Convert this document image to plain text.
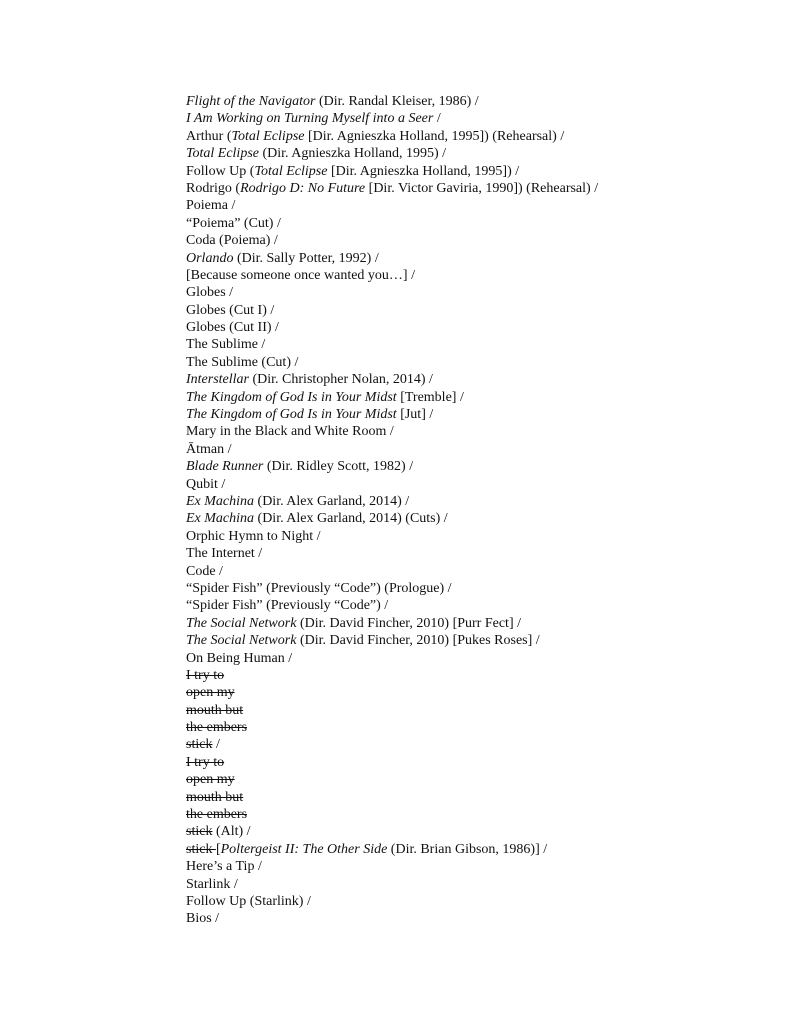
Flight of the Navigator (Dir. Randal Kleiser, 1986) /
I Am Working on Turning Myself into a Seer /
Arthur (Total Eclipse [Dir. Agnieszka Holland, 1995]) (Rehearsal) /
Total Eclipse (Dir. Agnieszka Holland, 1995) /
Follow Up (Total Eclipse [Dir. Agnieszka Holland, 1995]) /
Rodrigo (Rodrigo D: No Future [Dir. Victor Gaviria, 1990]) (Rehearsal) /
Poiema /
“Poiema” (Cut) /
Coda (Poiema) /
Orlando (Dir. Sally Potter, 1992) /
[Because someone once wanted you…] /
Globes /
Globes (Cut I) /
Globes (Cut II) /
The Sublime /
The Sublime (Cut) /
Interstellar (Dir. Christopher Nolan, 2014) /
The Kingdom of God Is in Your Midst [Tremble] /
The Kingdom of God Is in Your Midst [Jut] /
Mary in the Black and White Room /
Ātman /
Blade Runner (Dir. Ridley Scott, 1982) /
Qubit /
Ex Machina (Dir. Alex Garland, 2014) /
Ex Machina (Dir. Alex Garland, 2014) (Cuts) /
Orphic Hymn to Night /
The Internet /
Code /
“Spider Fish” (Previously “Code”) (Prologue) /
“Spider Fish” (Previously “Code”) /
The Social Network (Dir. David Fincher, 2010) [Purr Fect] /
The Social Network (Dir. David Fincher, 2010) [Pukes Roses] /
On Being Human /
I try to
open my
mouth but
the embers
stick /
I try to
open my
mouth but
the embers
stick (Alt) /
stick [Poltergeist II: The Other Side (Dir. Brian Gibson, 1986)] /
Here’s a Tip /
Starlink /
Follow Up (Starlink) /
Bios /
